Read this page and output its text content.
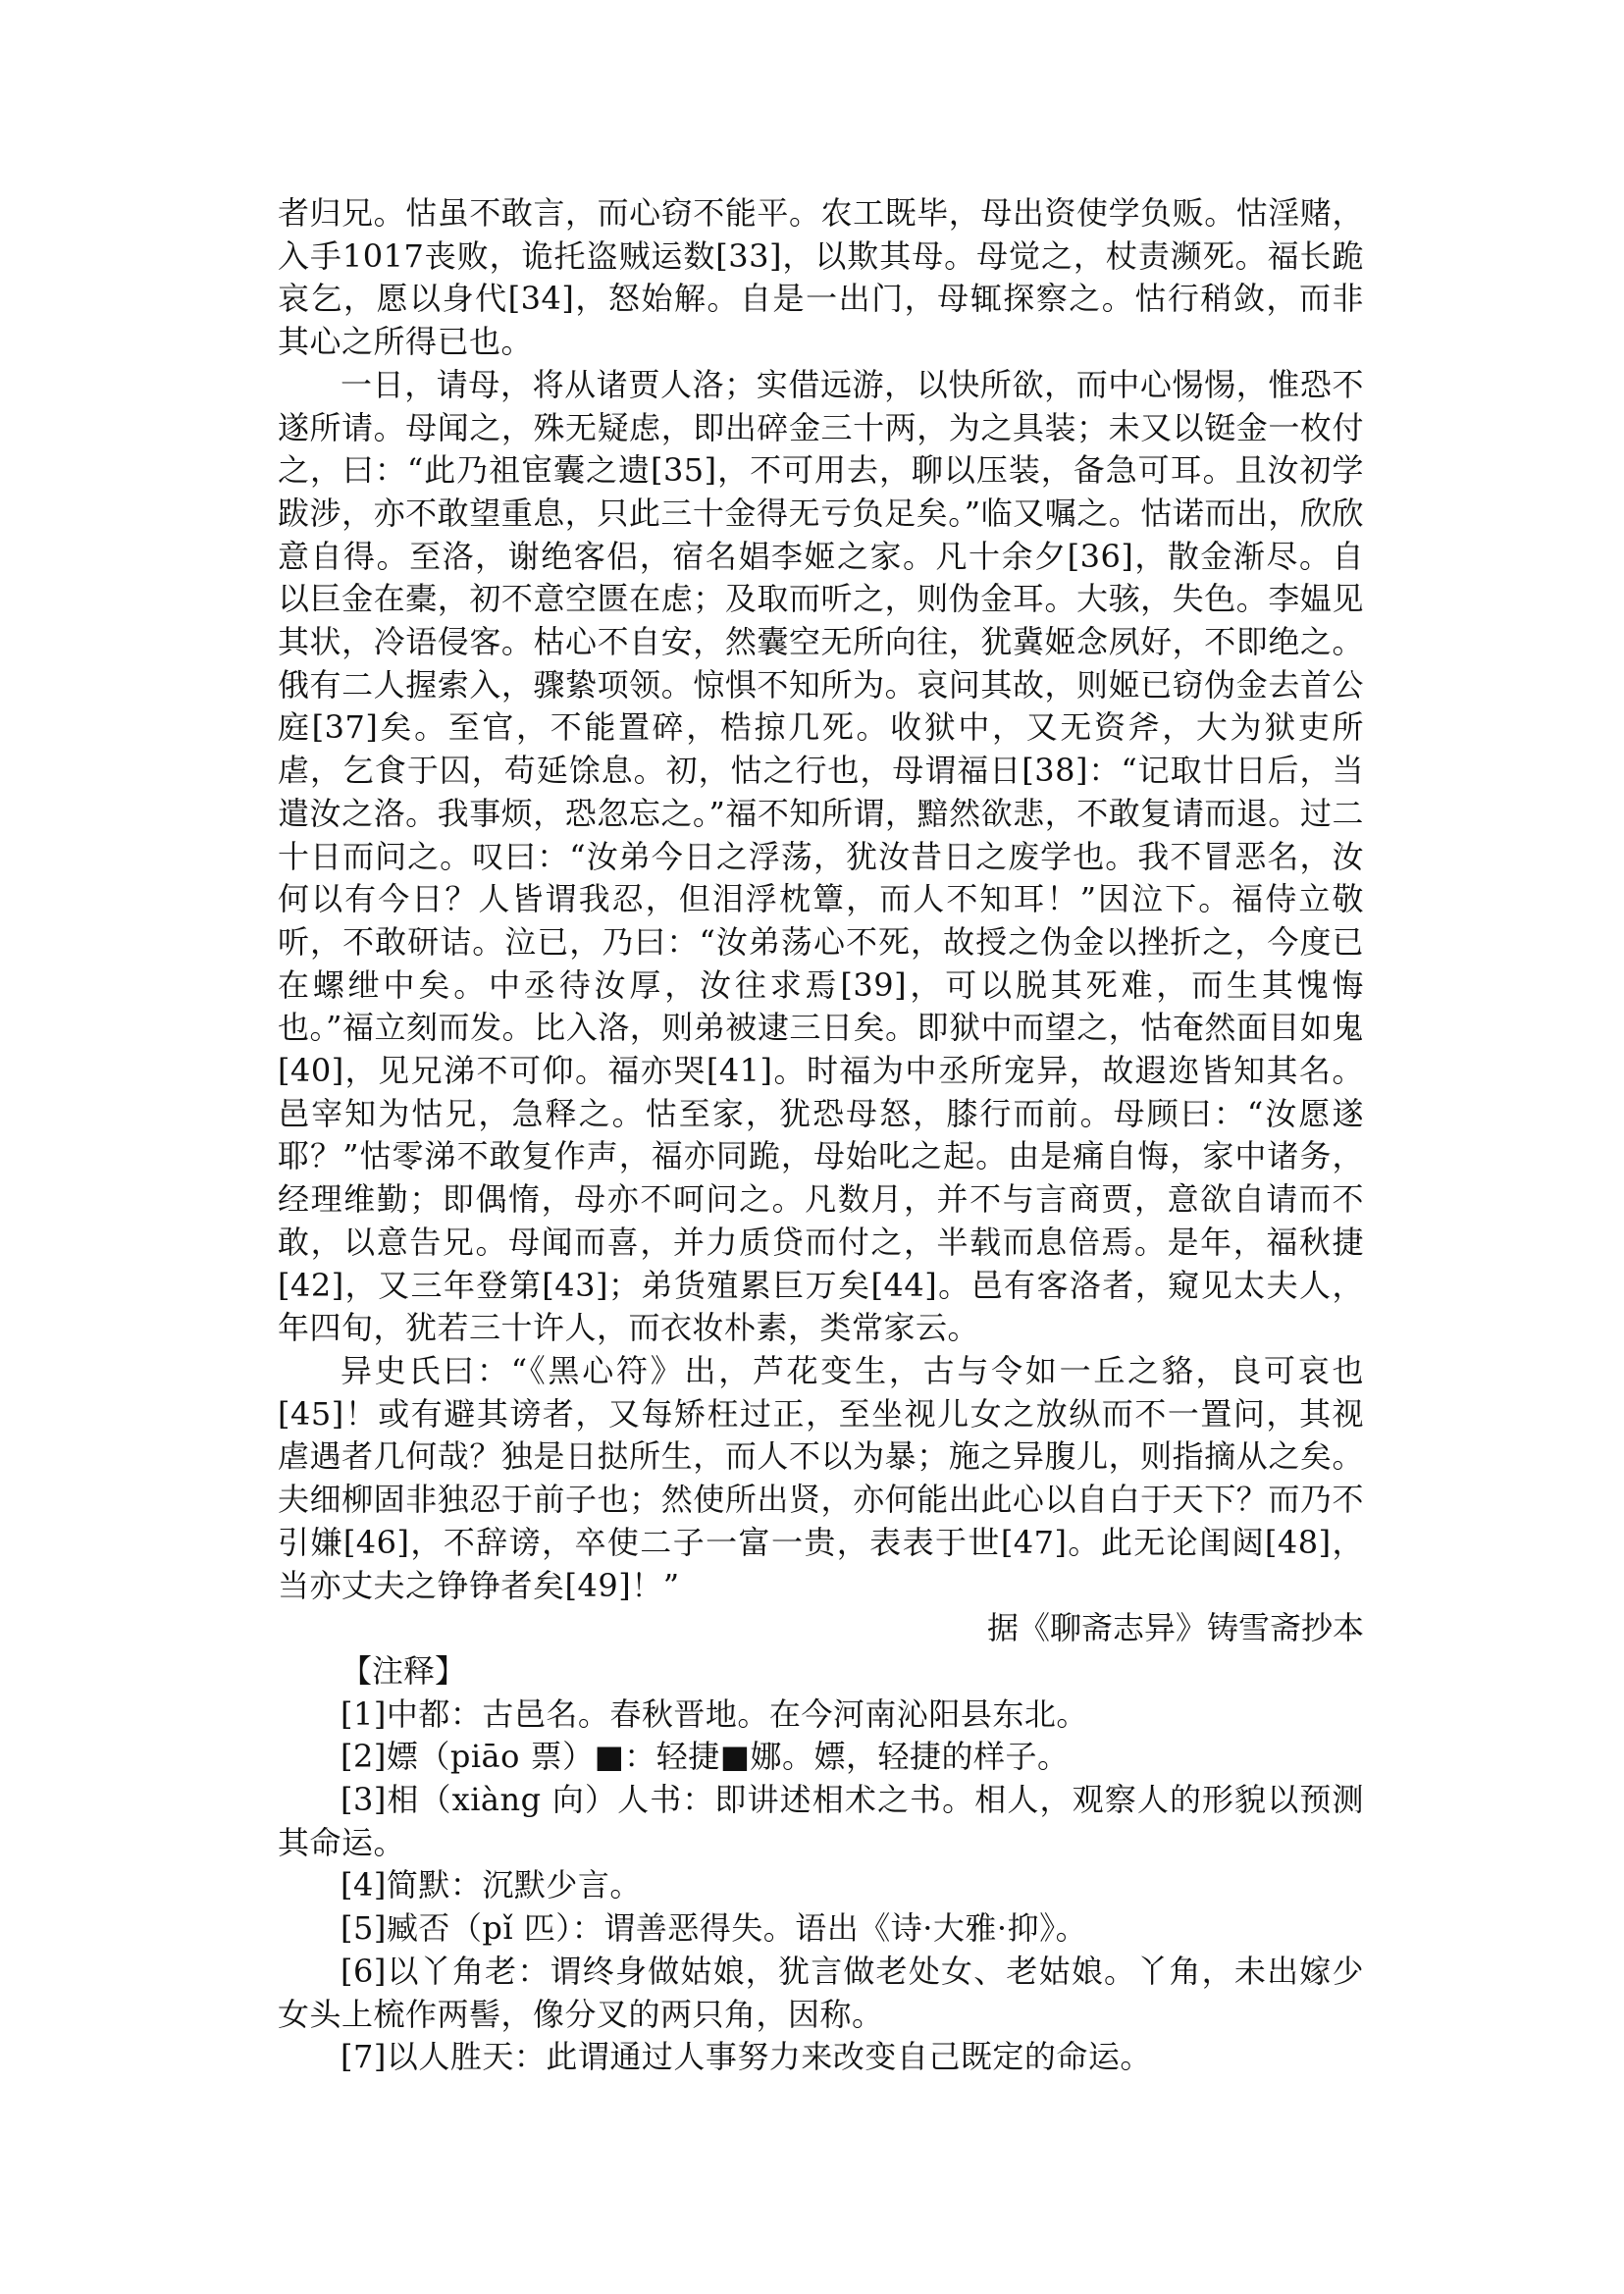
者归兄。怙虽不敢言，而心窃不能平。农工既毕，母出资使学负贩。怙淫赌，入手1017丧败，诡托盗贼运数[33]，以欺其母。母觉之，杖责濒死。福长跪哀乞，愿以身代[34]，怒始解。自是一出门，母辄探察之。怙行稍敛，而非其心之所得已也。

一日，请母，将从诸贾人洛；实借远游，以快所欲，而中心惕惕，惟恐不遂所请。母闻之，殊无疑虑，即出碎金三十两，为之具装；未又以铤金一枚付之，曰：“此乃祖宦囊之遗[35]，不可用去，聊以压装，备急可耳。且汝初学跋涉，亦不敢望重息，只此三十金得无亏负足矣。”临又嘱之。怙诺而出，欣欣意自得。至洛，谢绝客侣，宿名娼李姬之家。凡十余夕[36]，散金渐尽。自以巨金在橐，初不意空匮在虑；及取而听之，则伪金耳。大骇，失色。李媪见其状，冷语侵客。枯心不自安，然囊空无所向往，犹冀姬念夙好，不即绝之。俄有二人握索入，骤絷项领。惊惧不知所为。哀问其故，则姬已窃伪金去首公庭[37]矣。至官，不能置碎，梏掠几死。收狱中，又无资斧，大为狱吏所虐，乞食于囚，苟延馀息。初，怙之行也，母谓福日[38]：“记取廿日后，当遣汝之洛。我事烦，恐忽忘之。”福不知所谓，黯然欲悲，不敢复请而退。过二十日而问之。叹曰：“汝弟今日之浮荡，犹汝昔日之废学也。我不冒恶名，汝何以有今日？人皆谓我忍，但泪浮枕簟，而人不知耳！”因泣下。福侍立敬听，不敢研诘。泣已，乃曰：“汝弟荡心不死，故授之伪金以挫折之，今度已在螺绁中矣。中丞待汝厚，汝往求焉[39]，可以脱其死难，而生其愧悔也。”福立刻而发。比入洛，则弟被逮三日矣。即狱中而望之，怙奄然面目如鬼[40]，见兄涕不可仰。福亦哭[41]。时福为中丞所宠异，故遐迩皆知其名。邑宰知为怙兄，急释之。怙至家，犹恐母怒，膝行而前。母顾曰：“汝愿遂耶？”怙零涕不敢复作声，福亦同跪，母始叱之起。由是痛自悔，家中诸务，经理维勤；即偶惰，母亦不呵问之。凡数月，并不与言商贾，意欲自请而不敢，以意告兄。母闻而喜，并力质贷而付之，半载而息倍焉。是年，福秋捷[42]，又三年登第[43]；弟货殖累巨万矣[44]。邑有客洛者，窥见太夫人，年四旬，犹若三十许人，而衣妆朴素，类常家云。

异史氏曰：“《黑心符》出，芦花变生，古与令如一丘之貉，良可哀也[45]！或有避其谤者，又每矫枉过正，至坐视儿女之放纵而不一置问，其视虐遇者几何哉？独是日挞所生，而人不以为暴；施之异腹儿，则指摘从之矣。夫细柳固非独忍于前子也；然使所出贤，亦何能出此心以自白于天下？而乃不引嫌[46]，不辞谤，卒使二子一富一贵，表表于世[47]。此无论闺闼[48]，当亦丈夫之铮铮者矣[49]！”

据《聊斋志异》铸雪斋抄本

【注释】

[1]中都：古邑名。春秋晋地。在今河南沁阳县东北。

[2]嫖（piāo 票）■：轻捷■娜。嫖，轻捷的样子。

[3]相（xiàng 向）人书：即讲述相术之书。相人，观察人的形貌以预测其命运。

[4]简默：沉默少言。

[5]臧否（pǐ 匹）：谓善恶得失。语出《诗·大雅·抑》。

[6]以丫角老：谓终身做姑娘，犹言做老处女、老姑娘。丫角，未出嫁少女头上梳作两髻，像分叉的两只角，因称。

[7]以人胜天：此谓通过人事努力来改变自己既定的命运。
